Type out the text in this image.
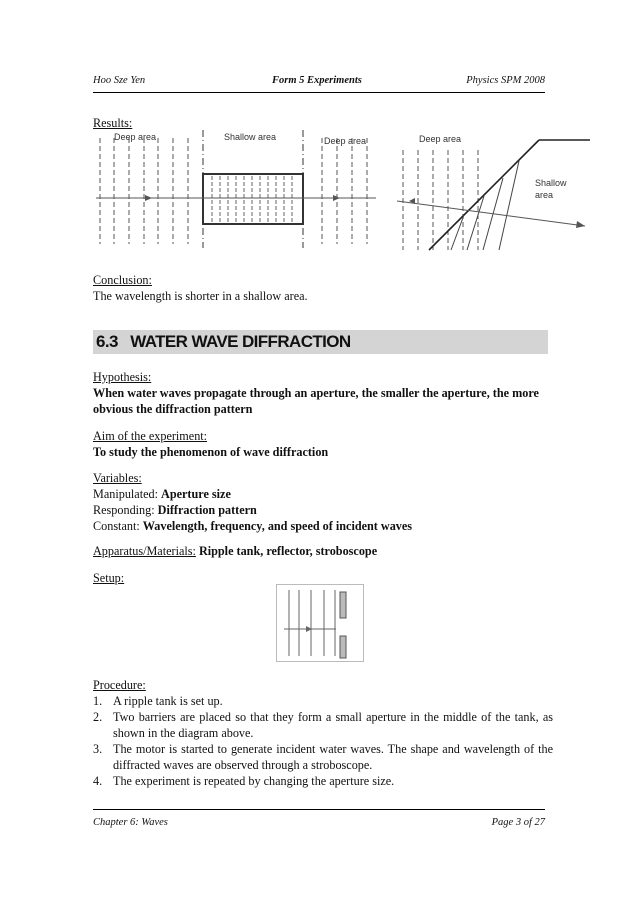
Hoo Sze Yen	Form 5 Experiments	Physics SPM 2008
Results:
Deep area	Shallow area	Deep area	Deep area
Shallow
area
Conclusion:
The wavelength is shorter in a shallow area.
6.3   WATER WAVE DIFFRACTION
Hypothesis:
When water waves propagate through an aperture, the smaller the aperture, the more obvious the diffraction pattern
Aim of the experiment:
To study the phenomenon of wave diffraction
Variables:
Manipulated: Aperture size
Responding: Diffraction pattern
Constant: Wavelength, frequency, and speed of incident waves
Apparatus/Materials: Ripple tank, reflector, stroboscope
Setup:
Procedure:
1. A ripple tank is set up.
2. Two barriers are placed so that they form a small aperture in the middle of the tank, as shown in the diagram above.
3. The motor is started to generate incident water waves. The shape and wavelength of the diffracted waves are observed through a stroboscope.
4. The experiment is repeated by changing the aperture size.
Chapter 6: Waves	Page 3 of 27
